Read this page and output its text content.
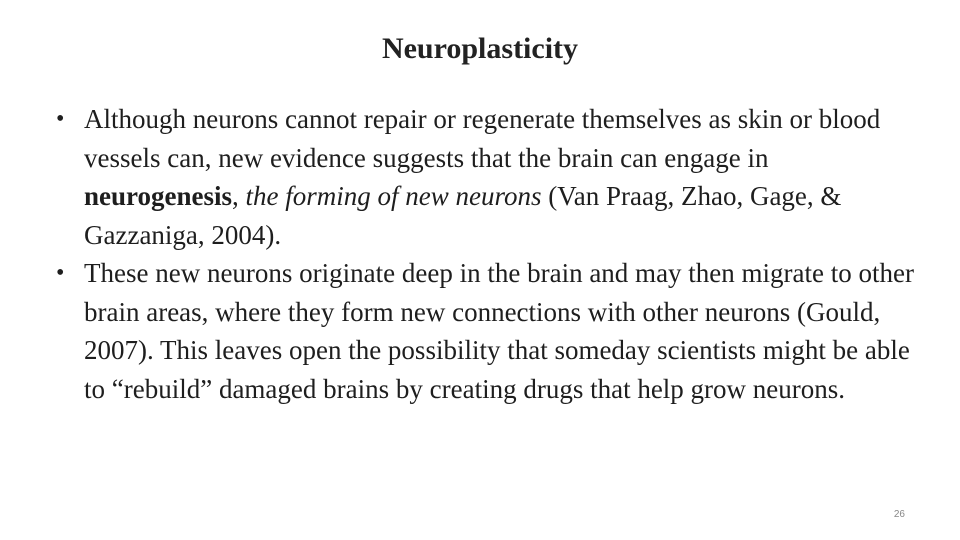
Neuroplasticity
• Although neurons cannot repair or regenerate themselves as skin or blood vessels can, new evidence suggests that the brain can engage in neurogenesis, the forming of new neurons (Van Praag, Zhao, Gage, & Gazzaniga, 2004).
• These new neurons originate deep in the brain and may then migrate to other brain areas, where they form new connections with other neurons (Gould, 2007). This leaves open the possibility that someday scientists might be able to “rebuild” damaged brains by creating drugs that help grow neurons.
26
